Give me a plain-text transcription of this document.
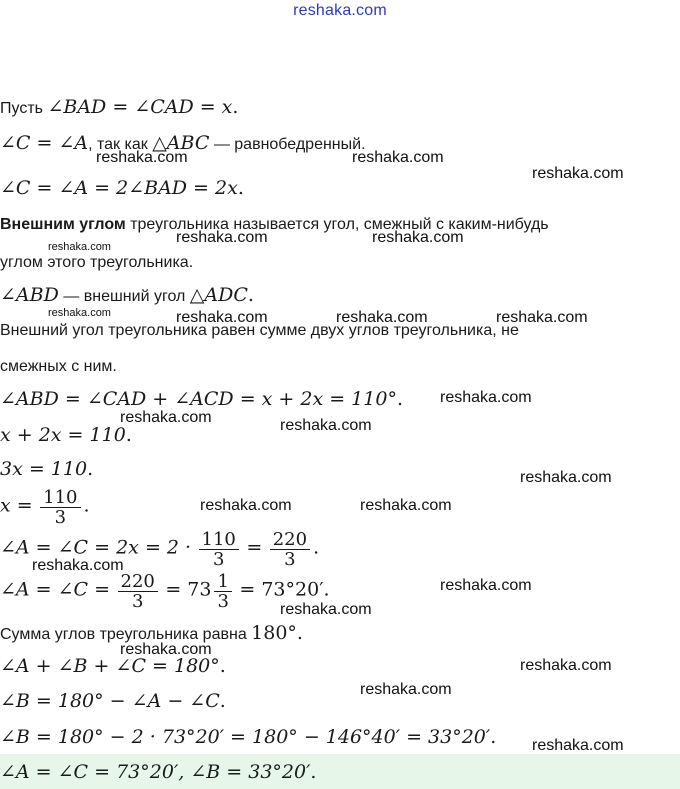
reshaka.com
Пусть ∠BAD = ∠CAD = x.
∠C = ∠A, так как △ABC — равнобедренный.
∠C = ∠A = 2∠BAD = 2x.
Внешним углом треугольника называется угол, смежный с каким-нибудь
углом этого треугольника.
∠ABD — внешний угол △ADC.
Внешний угол треугольника равен сумме двух углов треугольника, не
смежных с ним.
∠ABD = ∠CAD + ∠ACD = x + 2x = 110°.
x + 2x = 110.
3x = 110.
$x = \frac{110}{3}$ .
∠A = ∠C = $2x = 2 \cdot \frac{110}{3} = \frac{220}{3}$ .
∠A = ∠C = $\frac{220}{3} = 73 \frac{1}{3} = 73^\circ 20'$.
Сумма углов треугольника равна 180°.
∠A + ∠B + ∠C = 180°.
∠B = 180° − ∠A − ∠C.
∠B = 180° − 2 · 73°20′ = 180° − 146°40′ = 33°20′.
∠A = ∠C = 73°20′, ∠B = 33°20′.
reshaka.com	reshaka.com
reshaka.com
reshaka.com	reshaka.com
reshaka.com
reshaka.com	reshaka.com	reshaka.com	reshaka.com
reshaka.com
reshaka.com	reshaka.com
reshaka.com
reshaka.com	reshaka.com
reshaka.com
reshaka.com
reshaka.com
reshaka.com
reshaka.com
reshaka.com
reshaka.com
